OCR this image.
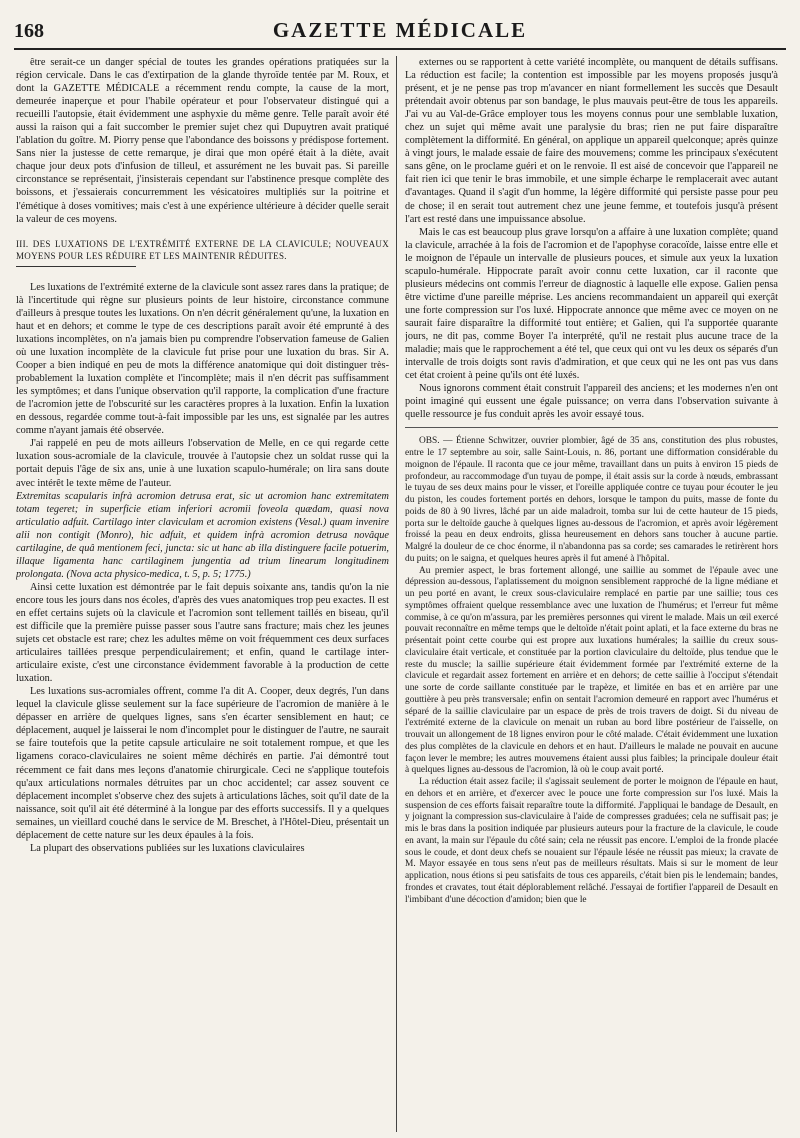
168	GAZETTE MÉDICALE

être serait-ce un danger spécial de toutes les grandes opérations pratiquées sur la région cervicale. Dans le cas d'extirpation de la glande thyroïde tentée par M. Roux, et dont la GAZETTE MÉDICALE a récemment rendu compte, la cause de la mort, demeurée inaperçue et pour l'habile opérateur et pour l'observateur distingué qui a recueilli l'autopsie, était évidemment une asphyxie du même genre. Telle paraît avoir été aussi la raison qui a fait succomber le premier sujet chez qui Dupuytren avait pratiqué l'ablation du goître. M. Piorry pense que l'abondance des boissons y prédispose fortement. Sans nier la justesse de cette remarque, je dirai que mon opéré était à la diète, avait chaque jour deux pots d'infusion de tilleul, et assurément ne les buvait pas. Si pareille circonstance se représentait, j'insisterais cependant sur l'abstinence presque complète des boissons, et j'essaierais concurremment les vésicatoires multipliés sur la poitrine et l'émétique à doses vomitives; mais c'est à une expérience ultérieure à décider quelle serait la valeur de ces moyens.

III. DES LUXATIONS DE L'EXTRÉMITÉ EXTERNE DE LA CLAVICULE; NOUVEAUX MOYENS POUR LES RÉDUIRE ET LES MAINTENIR RÉDUITES.

Les luxations de l'extrémité externe de la clavicule sont assez rares dans la pratique; de là l'incertitude qui règne sur plusieurs points de leur histoire, circonstance commune d'ailleurs à presque toutes les luxations. On n'en décrit généralement qu'une, la luxation en haut et en dehors; et comme le type de ces descriptions paraît avoir été emprunté à des luxations incomplètes, on n'a jamais bien pu comprendre l'observation fameuse de Galien où une luxation incomplète de la clavicule fut prise pour une luxation du bras. Sir A. Cooper a bien indiqué en peu de mots la différence anatomique qui doit distinguer très-probablement la luxation complète et l'incomplète; mais il n'en décrit pas suffisamment les symptômes; et dans l'unique observation qu'il rapporte, la complication d'une fracture de l'acromion jette de l'obscurité sur les caractères propres à la luxation. Enfin la luxation en dessous, regardée comme tout-à-fait impossible par les uns, est signalée par les autres comme n'ayant jamais été observée.

J'ai rappelé en peu de mots ailleurs l'observation de Melle, en ce qui regarde cette luxation sous-acromiale de la clavicule, trouvée à l'autopsie chez un soldat russe qui la portait depuis l'âge de six ans, unie à une luxation scapulo-humérale; on lira sans doute avec intérêt le texte même de l'auteur.

Extremitas scapularis infrà acromion detrusa erat, sic ut acromion hanc extremitatem totam tegeret; in superficie etiam inferiori acromii foveola quædam, quasi nova articulatio adfuit. Cartilago inter claviculam et acromion existens (Vesal.) quam invenire alii non contigit (Monro), hic adfuit, et quidem infrà acromion detrusa novâque cartilagine, de quâ mentionem feci, juncta: sic ut hanc ab illa distinguere facile potuerim, illaque ligamenta hanc cartilaginem jungentia ad trium linearum longitudinem prolongata. (Nova acta physico-medica, t. 5, p. 5; 1775.)

Ainsi cette luxation est démontrée par le fait depuis soixante ans, tandis qu'on la nie encore tous les jours dans nos écoles, d'après des vues anatomiques trop peu exactes. Il est en effet certains sujets où la clavicule et l'acromion sont tellement taillés en biseau, qu'il est difficile que la première puisse passer sous l'autre sans fracture; mais chez les jeunes sujets cet obstacle est rare; chez les adultes même on voit fréquemment ces deux surfaces articulaires taillées presque perpendiculairement; et enfin, quand le cartilage inter-articulaire existe, c'est une circonstance évidemment favorable à la production de cette luxation.

Les luxations sus-acromiales offrent, comme l'a dit A. Cooper, deux degrés, l'un dans lequel la clavicule glisse seulement sur la face supérieure de l'acromion de manière à le dépasser en arrière de quelques lignes, sans s'en écarter sensiblement en haut; ce déplacement, auquel je laisserai le nom d'incomplet pour le distinguer de l'autre, ne saurait se faire toutefois que la petite capsule articulaire ne soit totalement rompue, et que les ligamens coraco-claviculaires ne soient même déchirés en partie. J'ai démontré tout récemment ce fait dans mes leçons d'anatomie chirurgicale. Ceci ne s'applique toutefois qu'aux articulations normales détruites par un choc accidentel; car assez souvent ce déplacement incomplet s'observe chez des sujets à articulations lâches, soit qu'il date de la naissance, soit qu'il ait été déterminé à la longue par des efforts successifs. Il y a quelques semaines, un vieillard couché dans le service de M. Breschet, à l'Hôtel-Dieu, présentait un déplacement de cette nature sur les deux épaules à la fois.

La plupart des observations publiées sur les luxations claviculaires

externes ou se rapportent à cette variété incomplète, ou manquent de détails suffisans. La réduction est facile; la contention est impossible par les moyens proposés jusqu'à présent, et je ne pense pas trop m'avancer en niant formellement les succès que Desault prétendait avoir obtenus par son bandage, le plus mauvais peut-être de tous les appareils. J'ai vu au Val-de-Grâce employer tous les moyens connus pour une semblable luxation, chez un sujet qui même avait une paralysie du bras; rien ne put faire disparaître complètement la difformité. En général, on applique un appareil quelconque; après quinze à vingt jours, le malade essaie de faire des mouvemens; comme les principaux s'exécutent sans gêne, on le proclame guéri et on le renvoie. Il est aisé de concevoir que l'appareil ne fait rien ici que tenir le bras immobile, et une simple écharpe le remplacerait avec autant d'avantages. Quand il s'agit d'un homme, la légère difformité qui persiste passe pour peu de chose; il en serait tout autrement chez une jeune femme, et toutefois jusqu'à présent l'art est resté dans une impuissance absolue.

Mais le cas est beaucoup plus grave lorsqu'on a affaire à une luxation complète; quand la clavicule, arrachée à la fois de l'acromion et de l'apophyse coracoïde, laisse entre elle et le moignon de l'épaule un intervalle de plusieurs pouces, et simule aux yeux la luxation scapulo-humérale. Hippocrate paraît avoir connu cette luxation, car il raconte que plusieurs médecins ont commis l'erreur de diagnostic à laquelle elle expose. Galien pensa être victime d'une pareille méprise. Les anciens recommandaient un appareil qui exerçât une forte compression sur l'os luxé. Hippocrate annonce que même avec ce moyen on ne saurait faire disparaître la difformité tout entière; et Galien, qui l'a supportée quarante jours, ne dit pas, comme Boyer l'a interprété, qu'il ne restait plus aucune trace de la maladie; mais que le rapprochement a été tel, que ceux qui ont vu les deux os séparés d'un intervalle de trois doigts sont ravis d'admiration, et que ceux qui ne les ont pas vus dans cet état croient à peine qu'ils ont été luxés.

Nous ignorons comment était construit l'appareil des anciens; et les modernes n'en ont point imaginé qui eussent une égale puissance; on verra dans l'observation suivante à quelle ressource je fus conduit après les avoir essayé tous.

OBS. — Étienne Schwitzer, ouvrier plombier, âgé de 35 ans, constitution des plus robustes, entre le 17 septembre au soir, salle Saint-Louis, n. 86, portant une difformation considérable du moignon de l'épaule. Il raconta que ce jour même, travaillant dans un puits à environ 15 pieds de profondeur, au raccommodage d'un tuyau de pompe, il était assis sur la corde à nœuds, embrassant le tuyau de ses deux mains pour le visser, et l'oreille appliquée contre ce tuyau pour écouter le jeu du piston, les coudes fortement portés en dehors, lorsque le tampon du puits, masse de fonte du poids de 80 à 90 livres, lâché par un aide maladroit, tomba sur lui de cette hauteur de 15 pieds, porta sur le deltoïde gauche à quelques lignes au-dessous de l'acromion, et après avoir légèrement froissé la peau en deux endroits, glissa heureusement en dehors sans toucher à aucune partie. Malgré la douleur de ce choc énorme, il n'abandonna pas sa corde; ses camarades le retirèrent hors du puits; on le saigna, et quelques heures après il fut amené à l'hôpital.

Au premier aspect, le bras fortement allongé, une saillie au sommet de l'épaule avec une dépression au-dessous, l'aplatissement du moignon sensiblement rapproché de la ligne médiane et un peu porté en avant, le creux sous-claviculaire remplacé en partie par une saillie; tous ces symptômes offraient quelque ressemblance avec une luxation de l'humérus; et l'erreur fut même commise, à ce qu'on m'assura, par les premières personnes qui virent le malade. Mais un œil exercé pouvait reconnaître en même temps que le deltoïde n'était point aplati, et la face externe du bras ne présentait point cette courbe qui est propre aux luxations humérales; la saillie du creux sous-claviculaire était verticale, et constituée par la portion claviculaire du deltoïde, plus tendue que le reste du muscle; la saillie supérieure était évidemment formée par l'extrémité externe de la clavicule et regardait assez fortement en arrière et en dehors; de cette saillie à l'occiput s'étendait une sorte de corde saillante constituée par le trapèze, et limitée en bas et en arrière par une gouttière à peu près transversale; enfin on sentait l'acromion demeuré en rapport avec l'humérus et séparé de la saillie claviculaire par un espace de près de trois travers de doigt. Si du niveau de l'extrémité externe de la clavicule on menait un ruban au bord libre postérieur de l'aisselle, on trouvait un allongement de 18 lignes environ pour le côté malade. C'était évidemment une luxation des plus complètes de la clavicule en dehors et en haut. D'ailleurs le malade ne pouvait en aucune façon lever le membre; les autres mouvemens étaient aussi plus faibles; la principale douleur était à quelques lignes au-dessous de l'acromion, là où le coup avait porté.

La réduction était assez facile; il s'agissait seulement de porter le moignon de l'épaule en haut, en dehors et en arrière, et d'exercer avec le pouce une forte compression sur l'os luxé. Mais la suspension de ces efforts faisait reparaître toute la difformité. J'appliquai le bandage de Desault, en y joignant la compression sus-claviculaire à l'aide de compresses graduées; cela ne suffisait pas; je mis le bras dans la position indiquée par plusieurs auteurs pour la fracture de la clavicule, le coude en avant, la main sur l'épaule du côté sain; cela ne réussit pas encore. L'emploi de la fronde placée sous le coude, et dont deux chefs se nouaient sur l'épaule lésée ne réussit pas mieux; la cravate de M. Mayor essayée en tous sens n'eut pas de meilleurs résultats. Mais si sur le moment de leur application, nous étions si peu satisfaits de tous ces appareils, c'était bien pis le lendemain; bandes, frondes et cravates, tout était déplorablement relâché. J'essayai de fortifier l'appareil de Desault en l'imbibant d'une décoction d'amidon; bien que le
